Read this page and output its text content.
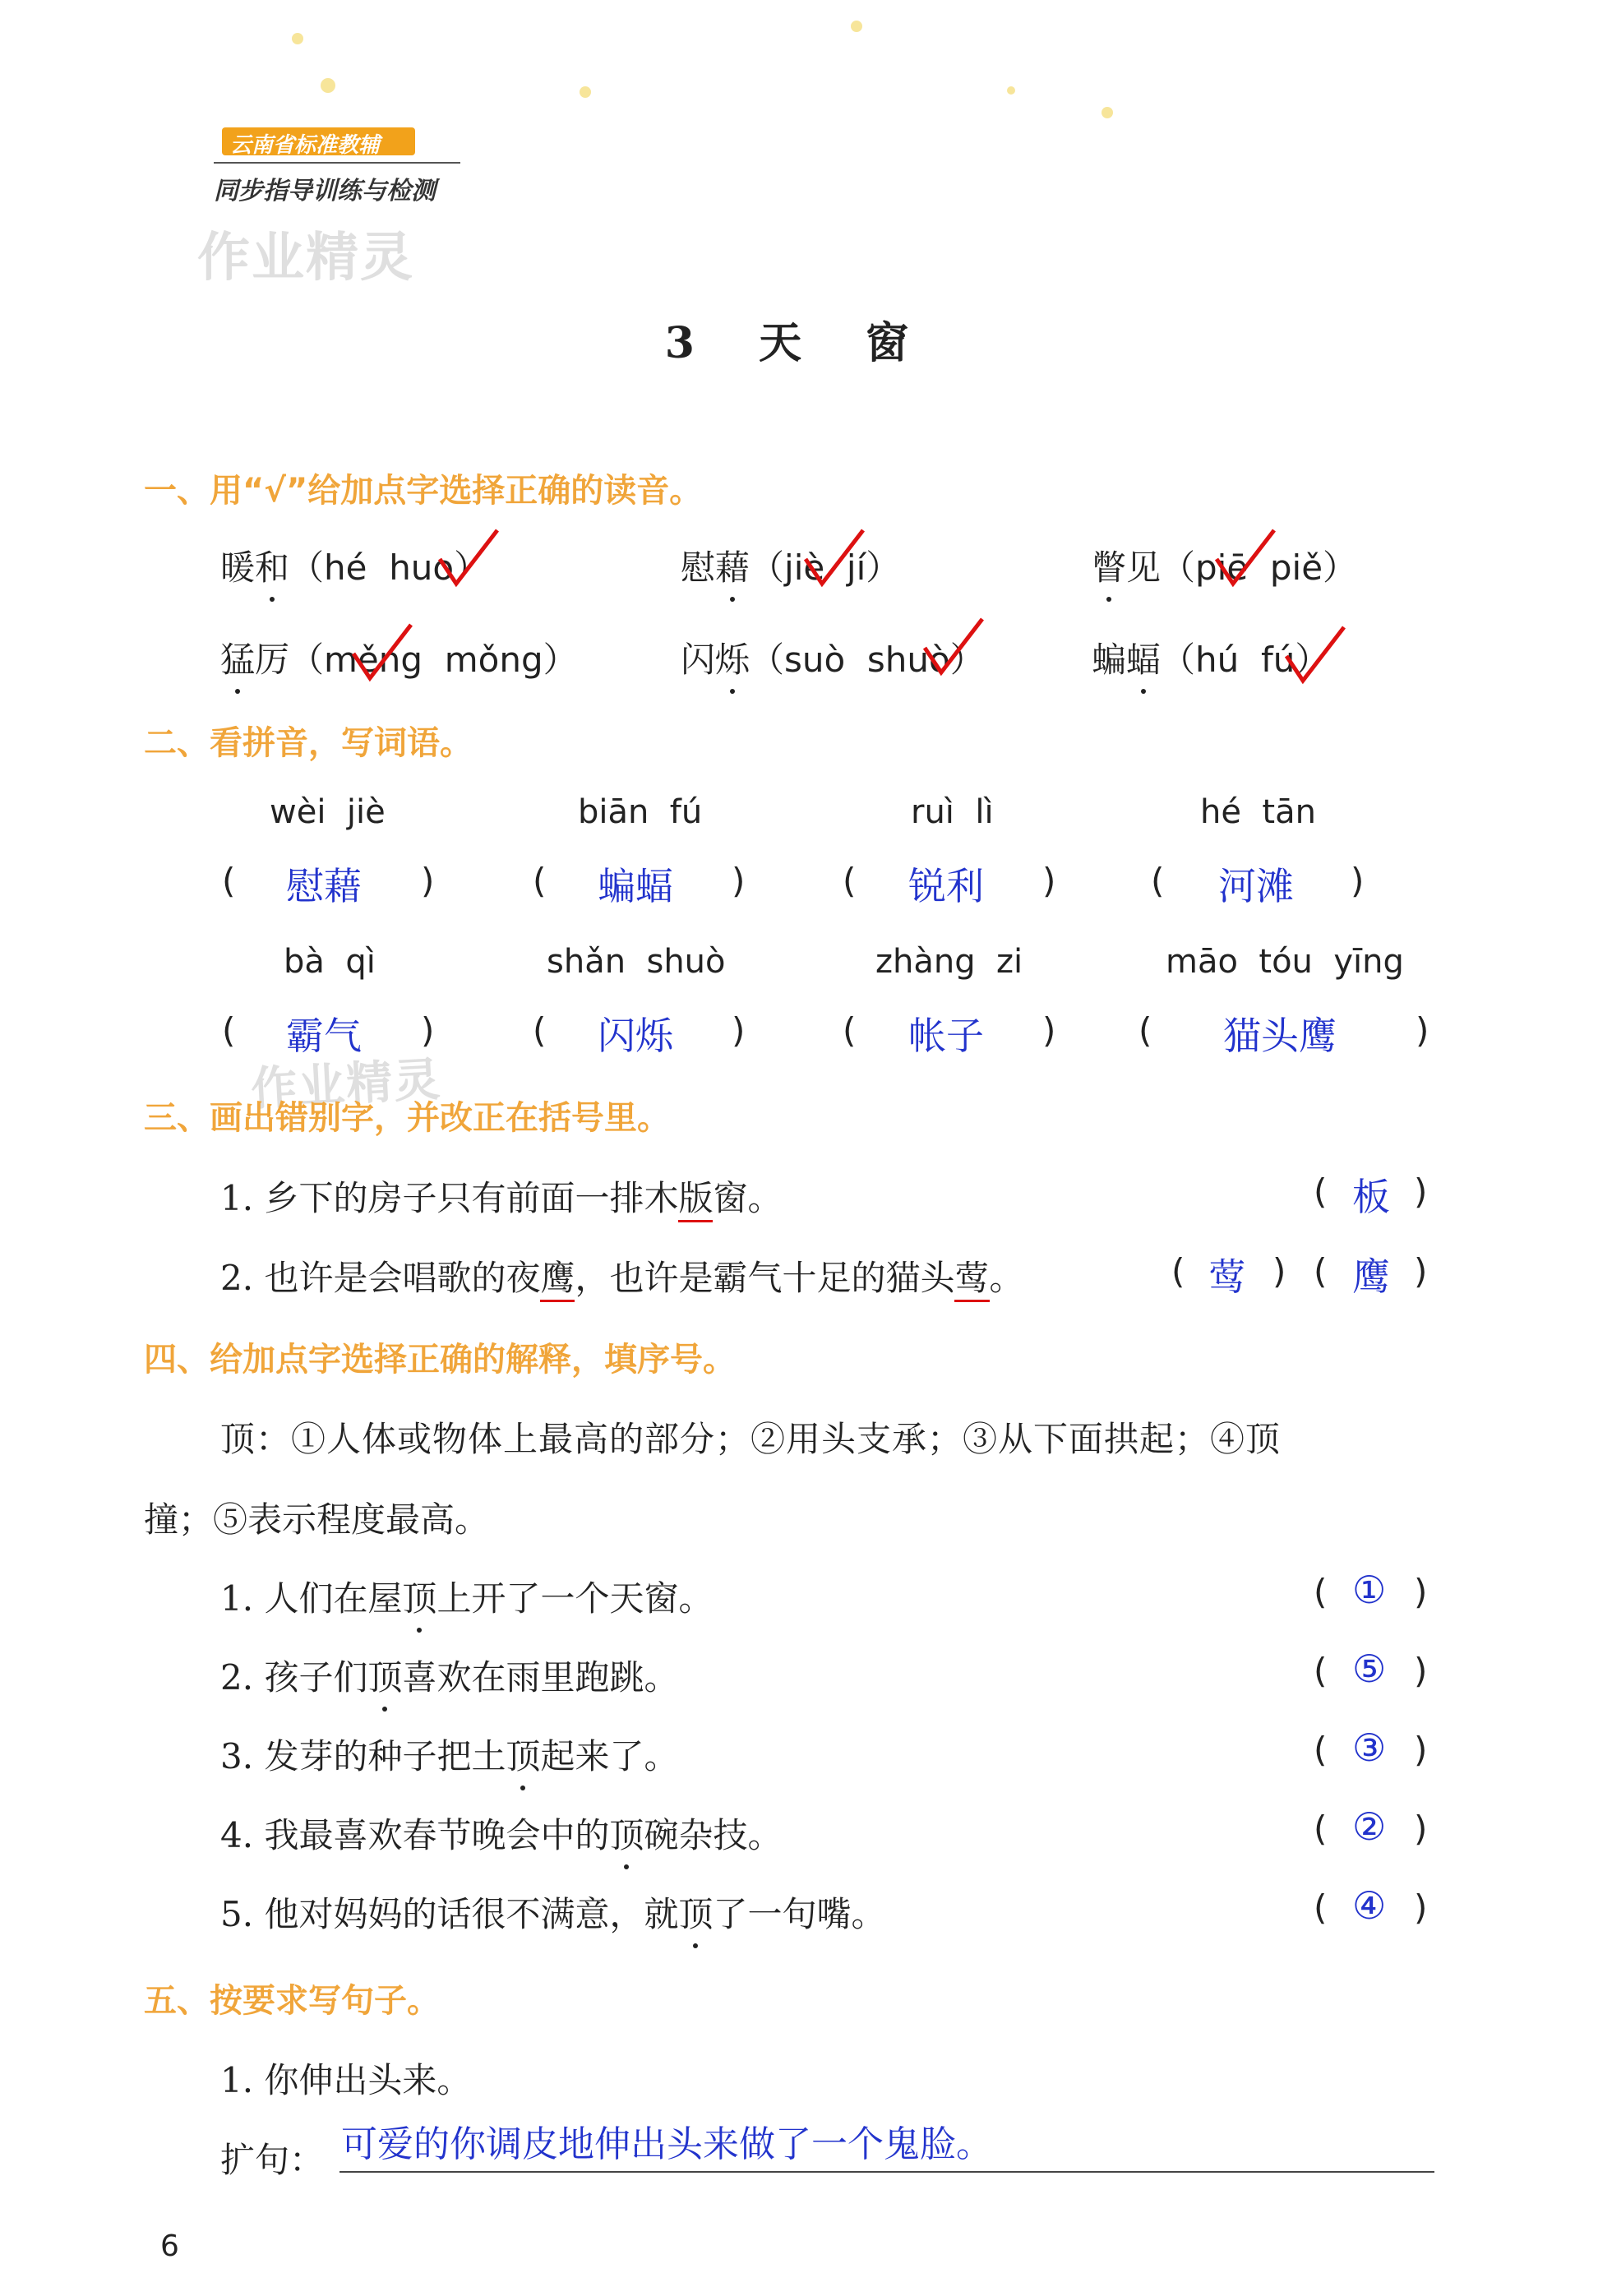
云南省标准教辅
同步指导训练与检测
作业精灵
作业精灵
3 天 窗
一、用“√”给加点字选择正确的读音。
暖和（hé  huo）	慰藉（jiè  jí）	瞥见（piē  piě）
猛厉（měng  mǒng）	闪烁（suò  shuò）	蝙蝠（hú  fú）
二、看拼音，写词语。
wèi  jiè	biān  fú	ruì  lì	hé  tān
( 慰藉 )	( 蝙蝠 )	( 锐利 )	( 河滩 )
bà  qì	shǎn  shuò	zhàng  zi	māo  tóu  yīng
( 霸气 )	( 闪烁 )	( 帐子 ) ( 猫头鹰 )
三、画出错别字，并改正在括号里。
1. 乡下的房子只有前面一排木版窗。	( 板 )
2. 也许是会唱歌的夜鹰，也许是霸气十足的猫头莺。	( 莺 ) ( 鹰 )
四、给加点字选择正确的解释，填序号。
顶：①人体或物体上最高的部分；②用头支承；③从下面拱起；④顶
撞；⑤表示程度最高。
1. 人们在屋顶上开了一个天窗。	( ① )
2. 孩子们顶喜欢在雨里跑跳。	( ⑤ )
3. 发芽的种子把土顶起来了。	( ③ )
4. 我最喜欢春节晚会中的顶碗杂技。	( ② )
5. 他对妈妈的话很不满意，就顶了一句嘴。	( ④ )
五、按要求写句子。
1. 你伸出头来。
扩句： 可爱的你调皮地伸出头来做了一个鬼脸。
6
